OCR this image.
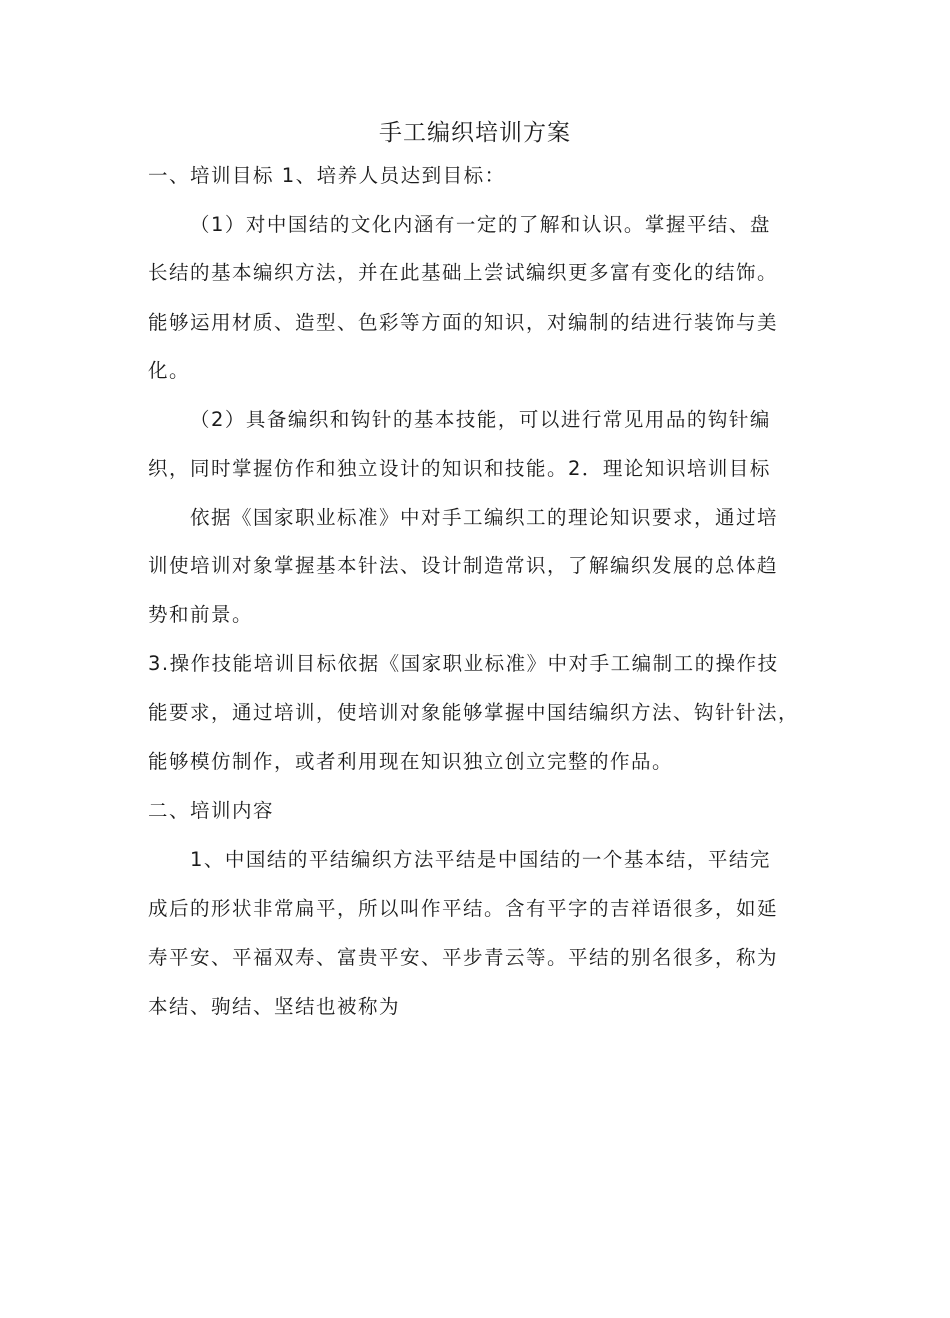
手工编织培训方案
一、培训目标 1、培养人员达到目标：
（1）对中国结的文化内涵有一定的了解和认识。掌握平结、盘
长结的基本编织方法，并在此基础上尝试编织更多富有变化的结饰。
能够运用材质、造型、色彩等方面的知识，对编制的结进行装饰与美
化。
（2）具备编织和钩针的基本技能，可以进行常见用品的钩针编
织，同时掌握仿作和独立设计的知识和技能。2．理论知识培训目标
依据《国家职业标准》中对手工编织工的理论知识要求，通过培
训使培训对象掌握基本针法、设计制造常识，了解编织发展的总体趋
势和前景。
3.操作技能培训目标依据《国家职业标准》中对手工编制工的操作技
能要求，通过培训，使培训对象能够掌握中国结编织方法、钩针针法，
能够模仿制作，或者利用现在知识独立创立完整的作品。
二、培训内容
1、中国结的平结编织方法平结是中国结的一个基本结，平结完
成后的形状非常扁平，所以叫作平结。含有平字的吉祥语很多，如延
寿平安、平福双寿、富贵平安、平步青云等。平结的别名很多，称为
本结、驹结、坚结也被称为
